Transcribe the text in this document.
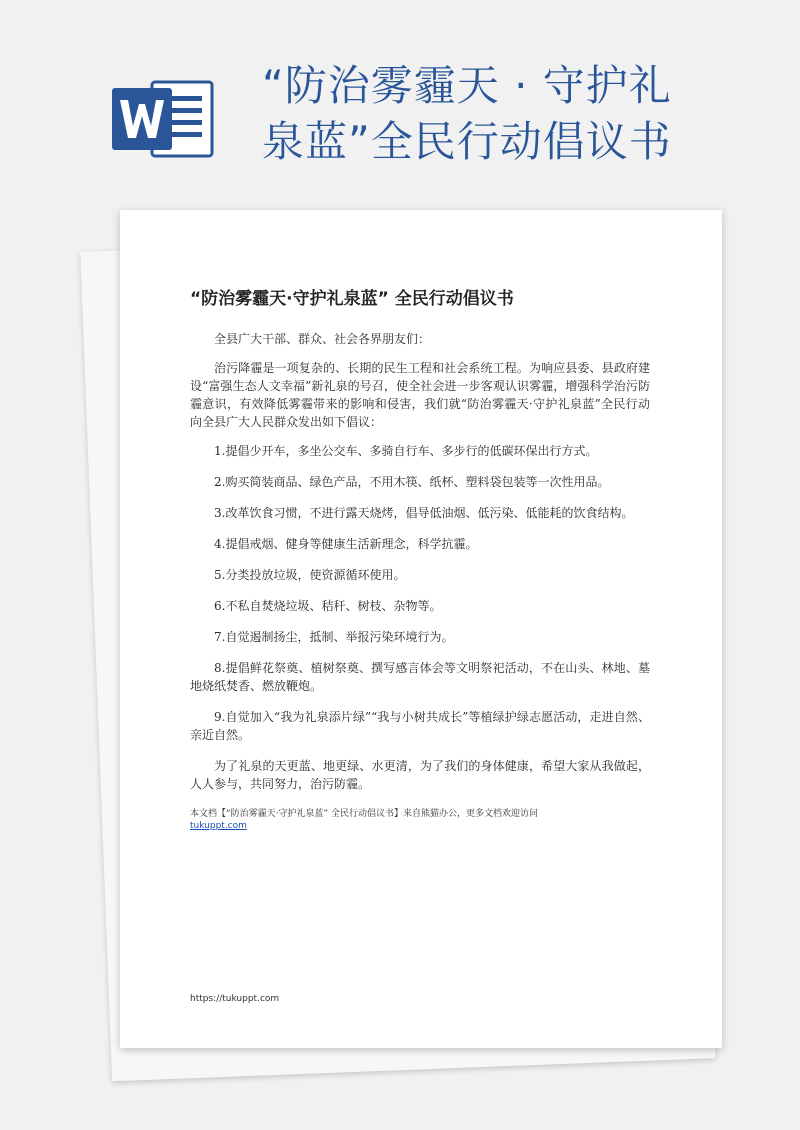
“防治雾霾天 · 守护礼泉蓝”全民行动倡议书
“防治雾霾天·守护礼泉蓝” 全民行动倡议书

全县广大干部、群众、社会各界朋友们：

治污降霾是一项复杂的、长期的民生工程和社会系统工程。为响应县委、县政府建设“富强生态人文幸福”新礼泉的号召，使全社会进一步客观认识雾霾，增强科学治污防霾意识，有效降低雾霾带来的影响和侵害，我们就“防治雾霾天·守护礼泉蓝”全民行动向全县广大人民群众发出如下倡议：

1.提倡少开车，多坐公交车、多骑自行车、多步行的低碳环保出行方式。

2.购买简装商品、绿色产品，不用木筷、纸杯、塑料袋包装等一次性用品。

3.改革饮食习惯，不进行露天烧烤，倡导低油烟、低污染、低能耗的饮食结构。

4.提倡戒烟、健身等健康生活新理念，科学抗霾。

5.分类投放垃圾，使资源循环使用。

6.不私自焚烧垃圾、秸秆、树枝、杂物等。

7.自觉遏制扬尘，抵制、举报污染环境行为。

8.提倡鲜花祭奠、植树祭奠、撰写感言体会等文明祭祀活动，不在山头、林地、墓地烧纸焚香、燃放鞭炮。

9.自觉加入“我为礼泉添片绿”“我与小树共成长”等植绿护绿志愿活动，走进自然、亲近自然。

为了礼泉的天更蓝、地更绿、水更清，为了我们的身体健康，希望大家从我做起，人人参与，共同努力，治污防霾。

本文档【“防治雾霾天·守护礼泉蓝” 全民行动倡议书】来自熊猫办公，更多文档欢迎访问
tukuppt.com
https://tukuppt.com
